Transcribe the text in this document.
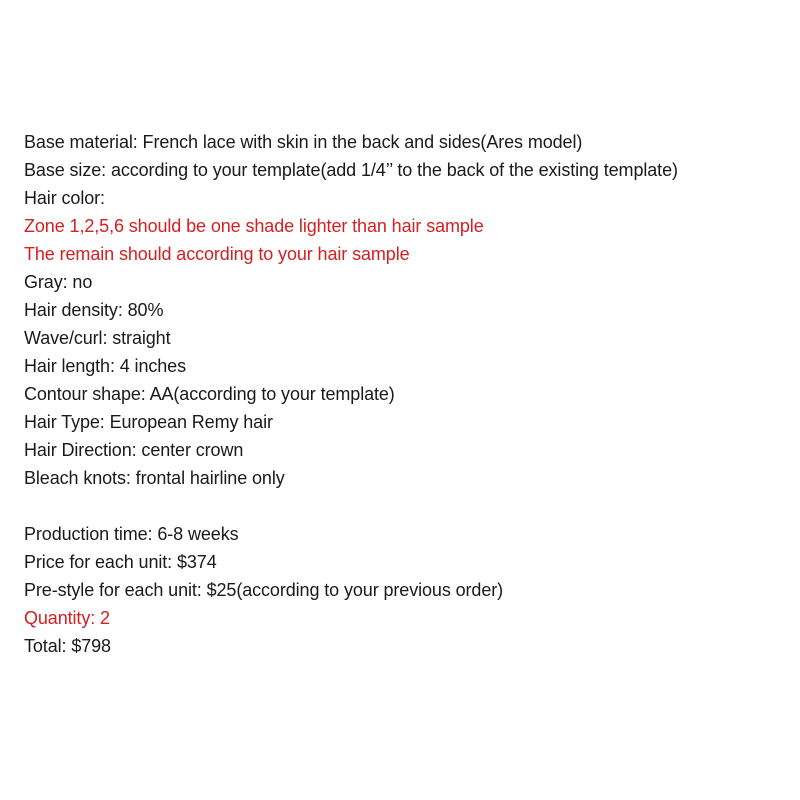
Base material: French lace with skin in the back and sides(Ares model)
Base size: according to your template(add 1/4’’ to the back of the existing template)
Hair color:
Zone 1,2,5,6 should be one shade lighter than hair sample
The remain should according to your hair sample
Gray: no
Hair density: 80%
Wave/curl: straight
Hair length: 4 inches
Contour shape: AA(according to your template)
Hair Type: European Remy hair
Hair Direction: center crown
Bleach knots: frontal hairline only
Production time: 6-8 weeks
Price for each unit: $374
Pre-style for each unit: $25(according to your previous order)
Quantity: 2
Total: $798
